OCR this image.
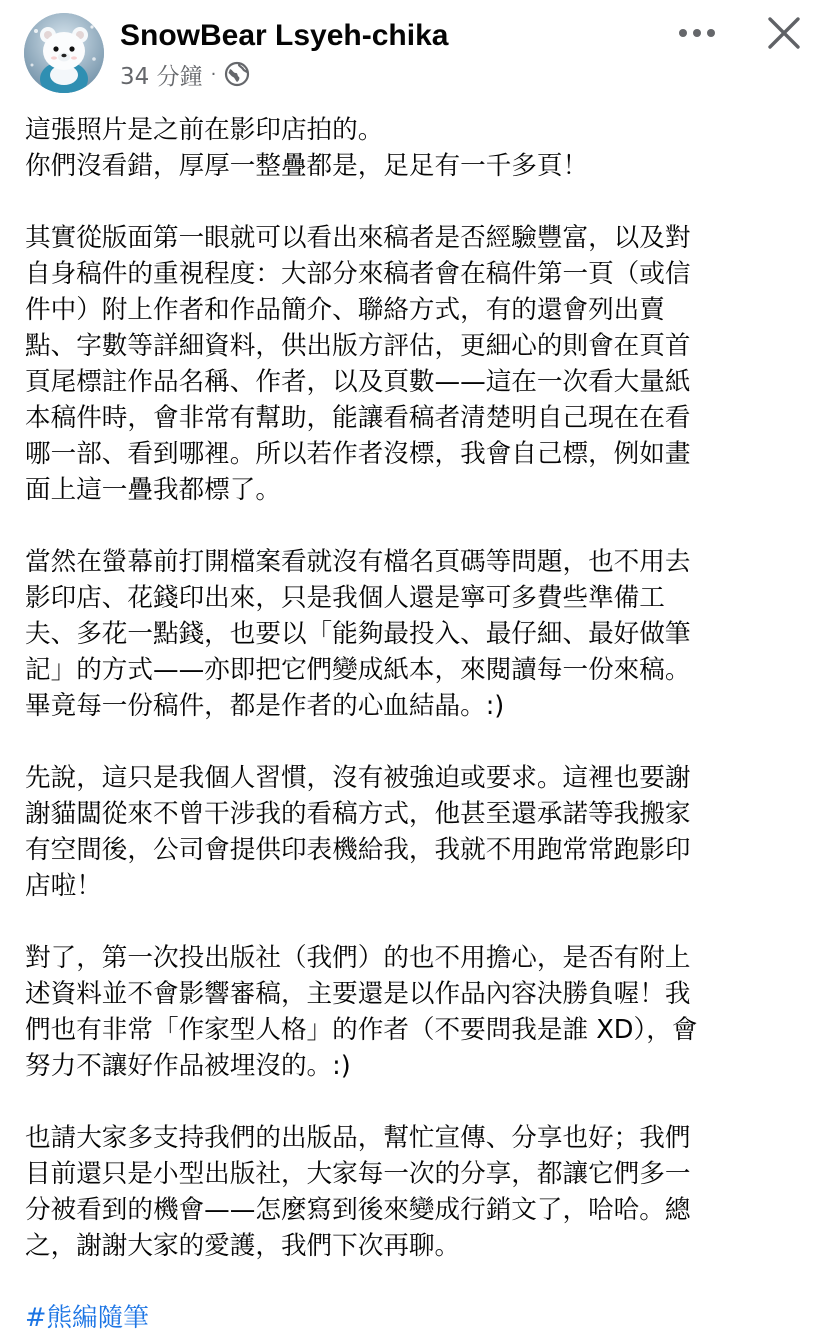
SnowBear Lsyeh-chika
34 分鐘 ·
這張照片是之前在影印店拍的。
你們沒看錯，厚厚一整疊都是，足足有一千多頁！
其實從版面第一眼就可以看出來稿者是否經驗豐富，以及對
自身稿件的重視程度：大部分來稿者會在稿件第一頁（或信
件中）附上作者和作品簡介、聯絡方式，有的還會列出賣
點、字數等詳細資料，供出版方評估，更細心的則會在頁首
頁尾標註作品名稱、作者，以及頁數——這在一次看大量紙
本稿件時，會非常有幫助，能讓看稿者清楚明自己現在在看
哪一部、看到哪裡。所以若作者沒標，我會自己標，例如畫
面上這一疊我都標了。
當然在螢幕前打開檔案看就沒有檔名頁碼等問題，也不用去
影印店、花錢印出來，只是我個人還是寧可多費些準備工
夫、多花一點錢，也要以「能夠最投入、最仔細、最好做筆
記」的方式——亦即把它們變成紙本，來閱讀每一份來稿。
畢竟每一份稿件，都是作者的心血結晶。:)
先說，這只是我個人習慣，沒有被強迫或要求。這裡也要謝
謝貓闆從來不曾干涉我的看稿方式，他甚至還承諾等我搬家
有空間後，公司會提供印表機給我，我就不用跑常常跑影印
店啦！
對了，第一次投出版社（我們）的也不用擔心，是否有附上
述資料並不會影響審稿，主要還是以作品內容決勝負喔！我
們也有非常「作家型人格」的作者（不要問我是誰 XD），會
努力不讓好作品被埋沒的。:)
也請大家多支持我們的出版品，幫忙宣傳、分享也好；我們
目前還只是小型出版社，大家每一次的分享，都讓它們多一
分被看到的機會——怎麼寫到後來變成行銷文了，哈哈。總
之，謝謝大家的愛護，我們下次再聊。
#熊編隨筆
